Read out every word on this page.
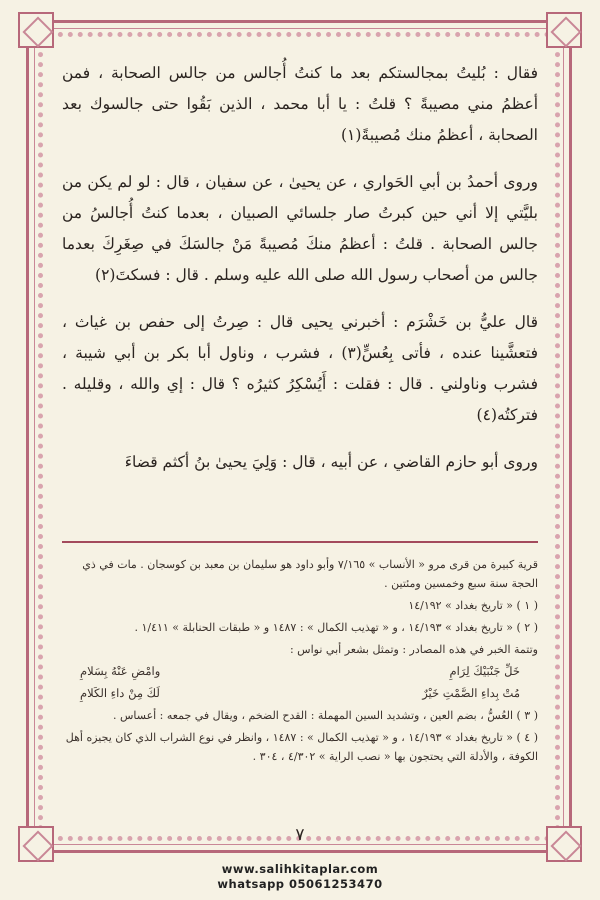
فقال : بُليتُ بمجالستكم بعد ما كنتُ أُجالس من جالس الصحابة ، فمن أعظمُ مني مصيبةً ؟ قلتُ : يا أبا محمد ، الذين بَقُوا حتى جالسوك بعد الصحابة ، أعظمُ منك مُصيبةً(١)

وروى أحمدُ بن أبي الحَواري ، عن يحيىٰ ، عن سفيان ، قال : لو لم يكن من بليَّتي إلا أني حين كبرتُ صار جلسائي الصبيان ، بعدما كنتُ أُجالسُ من جالس الصحابة . قلتُ : أعظمُ منكَ مُصيبةً مَنْ جالسَكَ في صِغَرِكَ بعدما جالس من أصحاب رسول الله صلى الله عليه وسلم . قال : فسكتَ(٢)

قال عليُّ بن خَشْرَم : أخبرني يحيى قال : صِرتُ إلى حفص بن غياث ، فتعشَّينا عنده ، فأتى بِعُسٍّ(٣) ، فشرب ، وناول أبا بكر بن أبي شيبة ، فشرب وناولني . قال : فقلت : أَيُسْكِرُ كثيرُه ؟ قال : إي والله ، وقليله . فتركتُه(٤)

وروى أبو حازم القاضي ، عن أبيه ، قال : وَلِيَ يحيىٰ بنُ أكثم قضاءَ

قرية كبيرة من قرى مرو « الأنساب » ٧/١٦٥ وأبو داود هو سليمان بن معبد بن كوسجان . مات في ذي الحجة سنة سبع وخمسين ومئتين .

( ١ ) « تاريخ بغداد » ١٤/١٩٢

( ٢ ) « تاريخ بغداد » ١٤/١٩٣ ، و « تهذيب الكمال » : ١٤٨٧ و « طبقات الحنابلة » ١/٤١١ .

وتتمة الخبر في هذه المصادر : وتمثل بشعر أبي نواس :

خَلِّ جَنْبَيْكَ لِرَامِ
وامْضِ عَنْهُ بِسَلامِ
مُتْ بِداءِ الصَّمْتِ خَيْرٌ
لَكَ مِنْ داءِ الكَلامِ

( ٣ ) العُسُّ ، بضم العين ، وتشديد السين المهملة : القدح الضخم ، ويقال في جمعه : أعساس .

( ٤ ) « تاريخ بغداد » ١٤/١٩٣ ، و « تهذيب الكمال » : ١٤٨٧ ، وانظر في نوع الشراب الذي كان يجيزه أهل الكوفة ، والأدلة التي يحتجون بها « نصب الراية » ٤/٣٠٢ ، ٣٠٤ .

٧
www.salihkitaplar.com
whatsapp 05061253470
